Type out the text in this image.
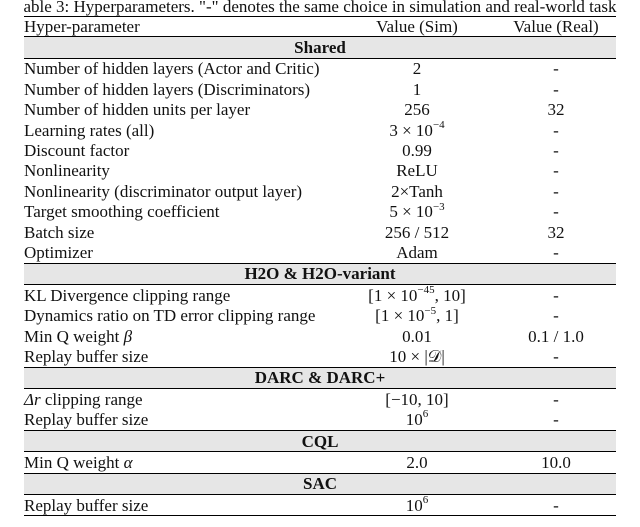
able 3: Hyperparameters. "-" denotes the same choice in simulation and real-world task
Hyper-parameter	Value (Sim)	Value (Real)
Shared		
Number of hidden layers (Actor and Critic)	2	-
Number of hidden layers (Discriminators)	1	-
Number of hidden units per layer	256	32
Learning rates (all)	$3 \times 10^{-4}$	-
Discount factor	0.99	-
Nonlinearity	ReLU	-
Nonlinearity (discriminator output layer)	2×Tanh	-
Target smoothing coefficient	$5 \times 10^{-3}$	-
Batch size	256 / 512	32
Optimizer	Adam	-
H2O & H2O-variant		
KL Divergence clipping range	[$1 \times 10^{-45}$, 10]	-
Dynamics ratio on TD error clipping range	[$1 \times 10^{-5}$, 1]	-
Min Q weight β	0.01	0.1 / 1.0
Replay buffer size	10 × |𝒟|	-
DARC & DARC+		
Δr clipping range	[−10, 10]	-
Replay buffer size	$10^6$	-
CQL		
Min Q weight α	2.0	10.0
SAC		
Replay buffer size	$10^6$	-
